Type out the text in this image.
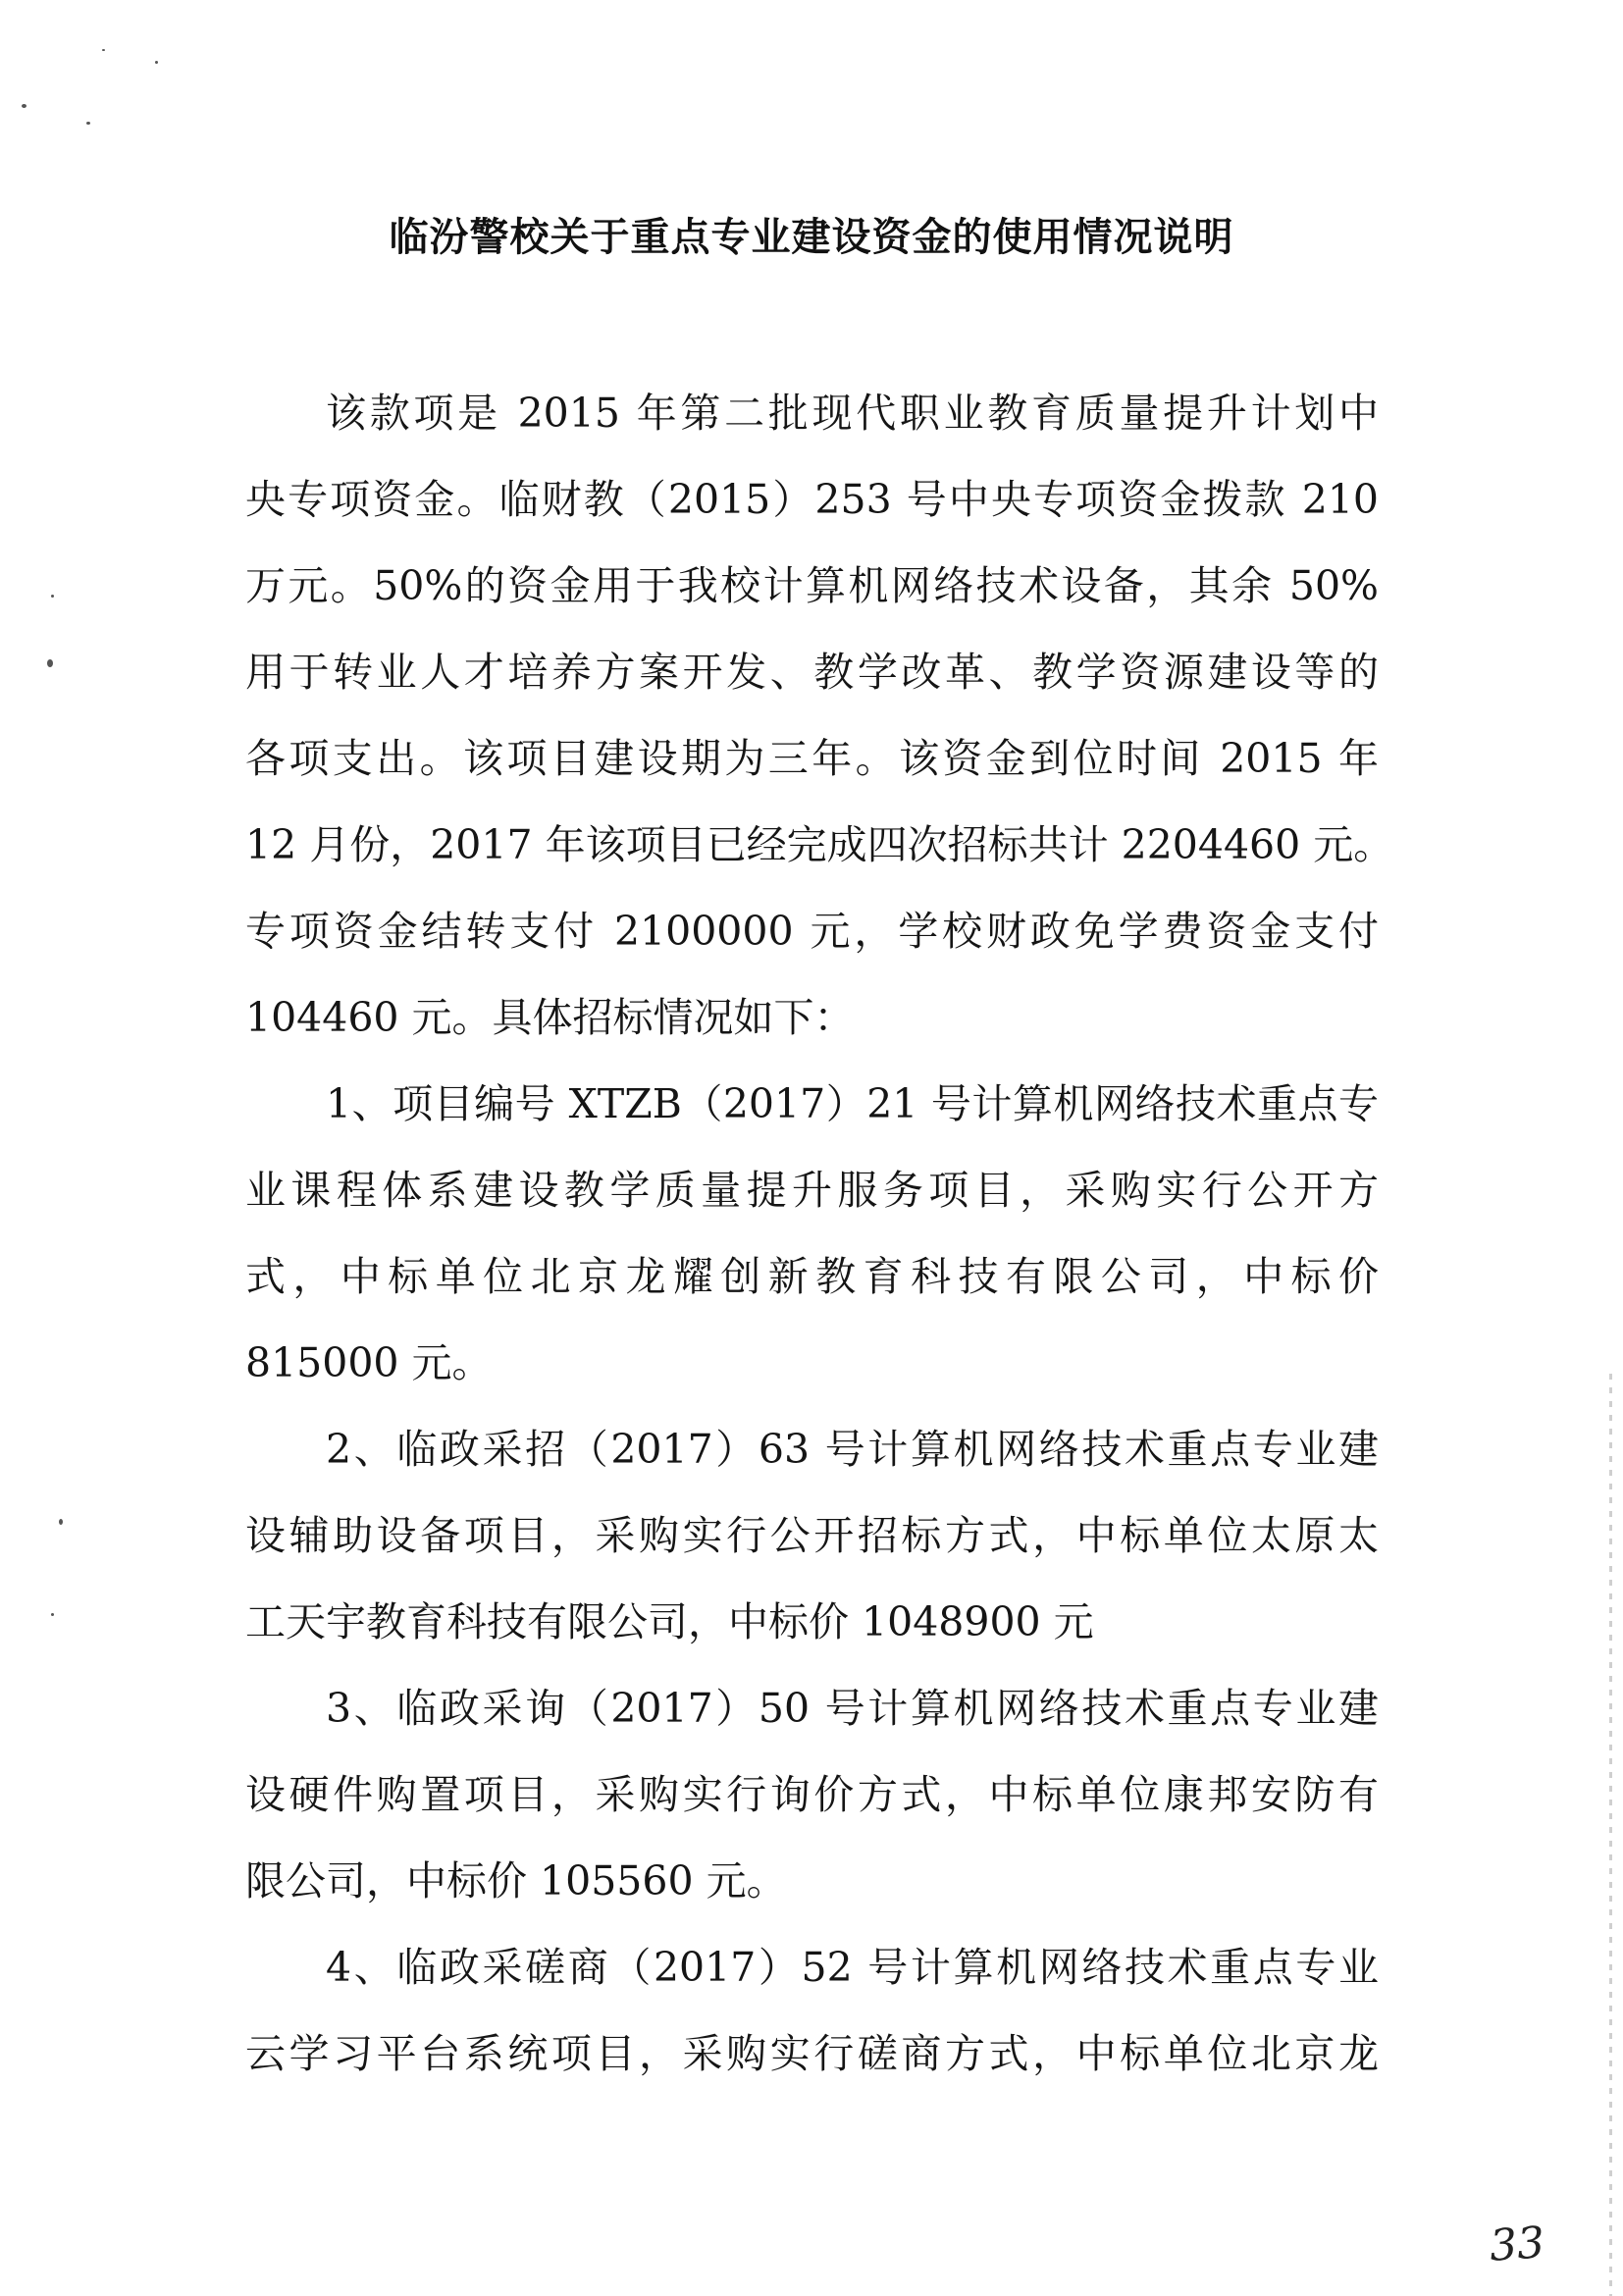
临汾警校关于重点专业建设资金的使用情况说明
该款项是 2015 年第二批现代职业教育质量提升计划中
央专项资金。临财教（2015）253 号中央专项资金拨款 210
万元。50%的资金用于我校计算机网络技术设备，其余 50%
用于转业人才培养方案开发、教学改革、教学资源建设等的
各项支出。该项目建设期为三年。该资金到位时间 2015 年
12 月份，2017 年该项目已经完成四次招标共计 2204460 元。
专项资金结转支付 2100000 元，学校财政免学费资金支付
104460 元。具体招标情况如下：
1、项目编号 XTZB（2017）21 号计算机网络技术重点专
业课程体系建设教学质量提升服务项目，采购实行公开方
式，中标单位北京龙耀创新教育科技有限公司，中标价
815000 元。
2、临政采招（2017）63 号计算机网络技术重点专业建
设辅助设备项目，采购实行公开招标方式，中标单位太原太
工天宇教育科技有限公司，中标价 1048900 元
3、临政采询（2017）50 号计算机网络技术重点专业建
设硬件购置项目，采购实行询价方式，中标单位康邦安防有
限公司，中标价 105560 元。
4、临政采磋商（2017）52 号计算机网络技术重点专业
云学习平台系统项目，采购实行磋商方式，中标单位北京龙
33
